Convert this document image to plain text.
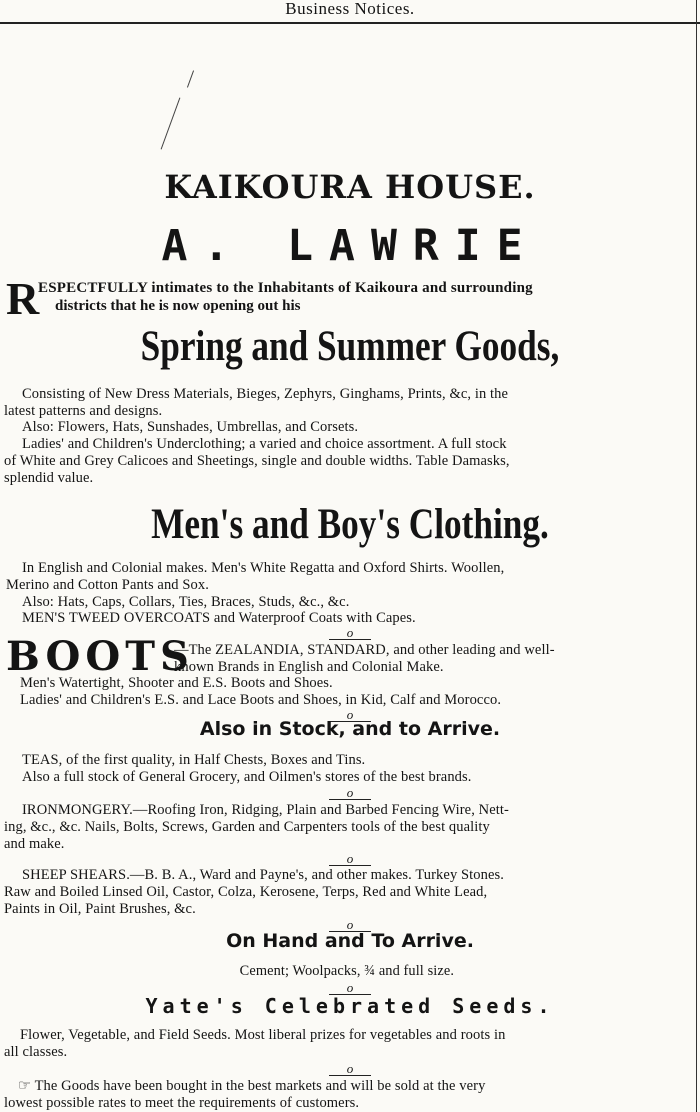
Business Notices.
KAIKOURA HOUSE.
A. LAWRIE
R
ESPECTFULLY intimates to the Inhabitants of Kaikoura and surrounding
districts that he is now opening out his
Spring and Summer Goods,
Consisting of New Dress Materials, Bieges, Zephyrs, Ginghams, Prints, &c, in the
latest patterns and designs.
Also: Flowers, Hats, Sunshades, Umbrellas, and Corsets.
Ladies' and Children's Underclothing; a varied and choice assortment. A full stock
of White and Grey Calicoes and Sheetings, single and double widths. Table Damasks,
splendid value.
Men's and Boy's Clothing.
In English and Colonial makes. Men's White Regatta and Oxford Shirts. Woollen,
Merino and Cotton Pants and Sox.
Also: Hats, Caps, Collars, Ties, Braces, Studs, &c., &c.
MEN'S TWEED OVERCOATS and Waterproof Coats with Capes.
o
BOOTS
—The ZEALANDIA, STANDARD, and other leading and well-
known Brands in English and Colonial Make.
Men's Watertight, Shooter and E.S. Boots and Shoes.
Ladies' and Children's E.S. and Lace Boots and Shoes, in Kid, Calf and Morocco.
o
Also in Stock, and to Arrive.
TEAS, of the first quality, in Half Chests, Boxes and Tins.
Also a full stock of General Grocery, and Oilmen's stores of the best brands.
o
IRONMONGERY.—Roofing Iron, Ridging, Plain and Barbed Fencing Wire, Nett-
ing, &c., &c. Nails, Bolts, Screws, Garden and Carpenters tools of the best quality
and make.
o
SHEEP SHEARS.—B. B. A., Ward and Payne's, and other makes. Turkey Stones.
Raw and Boiled Linsed Oil, Castor, Colza, Kerosene, Terps, Red and White Lead,
Paints in Oil, Paint Brushes, &c.
o
On Hand and To Arrive.
Cement; Woolpacks, ¾ and full size.
o
Yate's Celebrated Seeds.
Flower, Vegetable, and Field Seeds. Most liberal prizes for vegetables and roots in
all classes.
o
☞ The Goods have been bought in the best markets and will be sold at the very
lowest possible rates to meet the requirements of customers.
